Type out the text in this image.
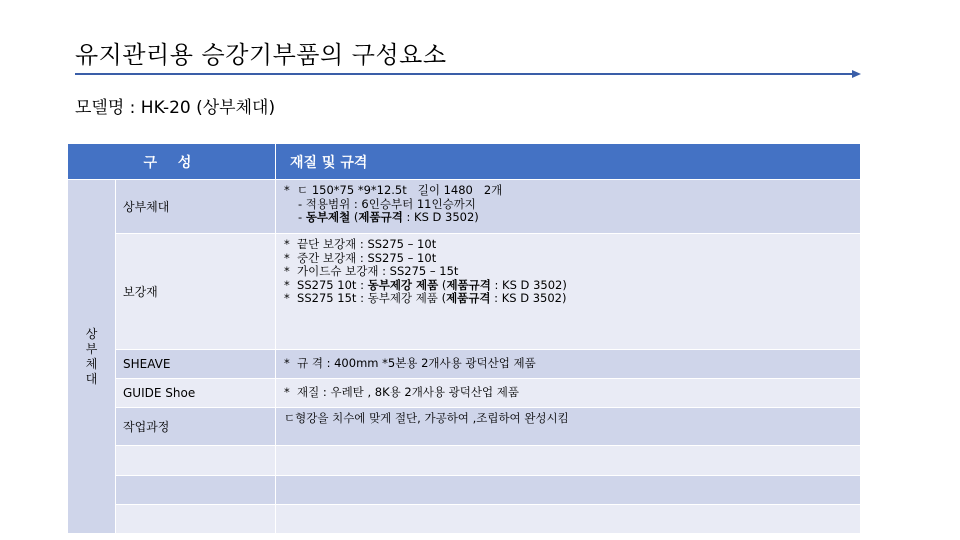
유지관리용 승강기부품의 구성요소
모델명 : HK-20 (상부체대)
구 성		재질 및 규격

상
부
체
대	상부체대	*  ㄷ 150*75 *9*12.5t   길이 1480   2개
- 적용범위 : 6인승부터 11인승까지
- 동부제철 (제품규격 : KS D 3502)

	보강재	*  끝단 보강재 : SS275 – 10t
*  중간 보강재 : SS275 – 10t
*  가이드슈 보강재 : SS275 – 15t
*  SS275 10t : 동부제강 제품 (제품규격 : KS D 3502)
*  SS275 15t : 동부제강 제품 (제품규격 : KS D 3502)

	SHEAVE	*  규 격 : 400mm *5본용 2개사용 광덕산업 제품

	GUIDE Shoe	*  재질 : 우레탄 , 8K용 2개사용 광덕산업 제품

	작업과정	ㄷ형강을 치수에 맞게 절단, 가공하여 ,조립하여 완성시킴
